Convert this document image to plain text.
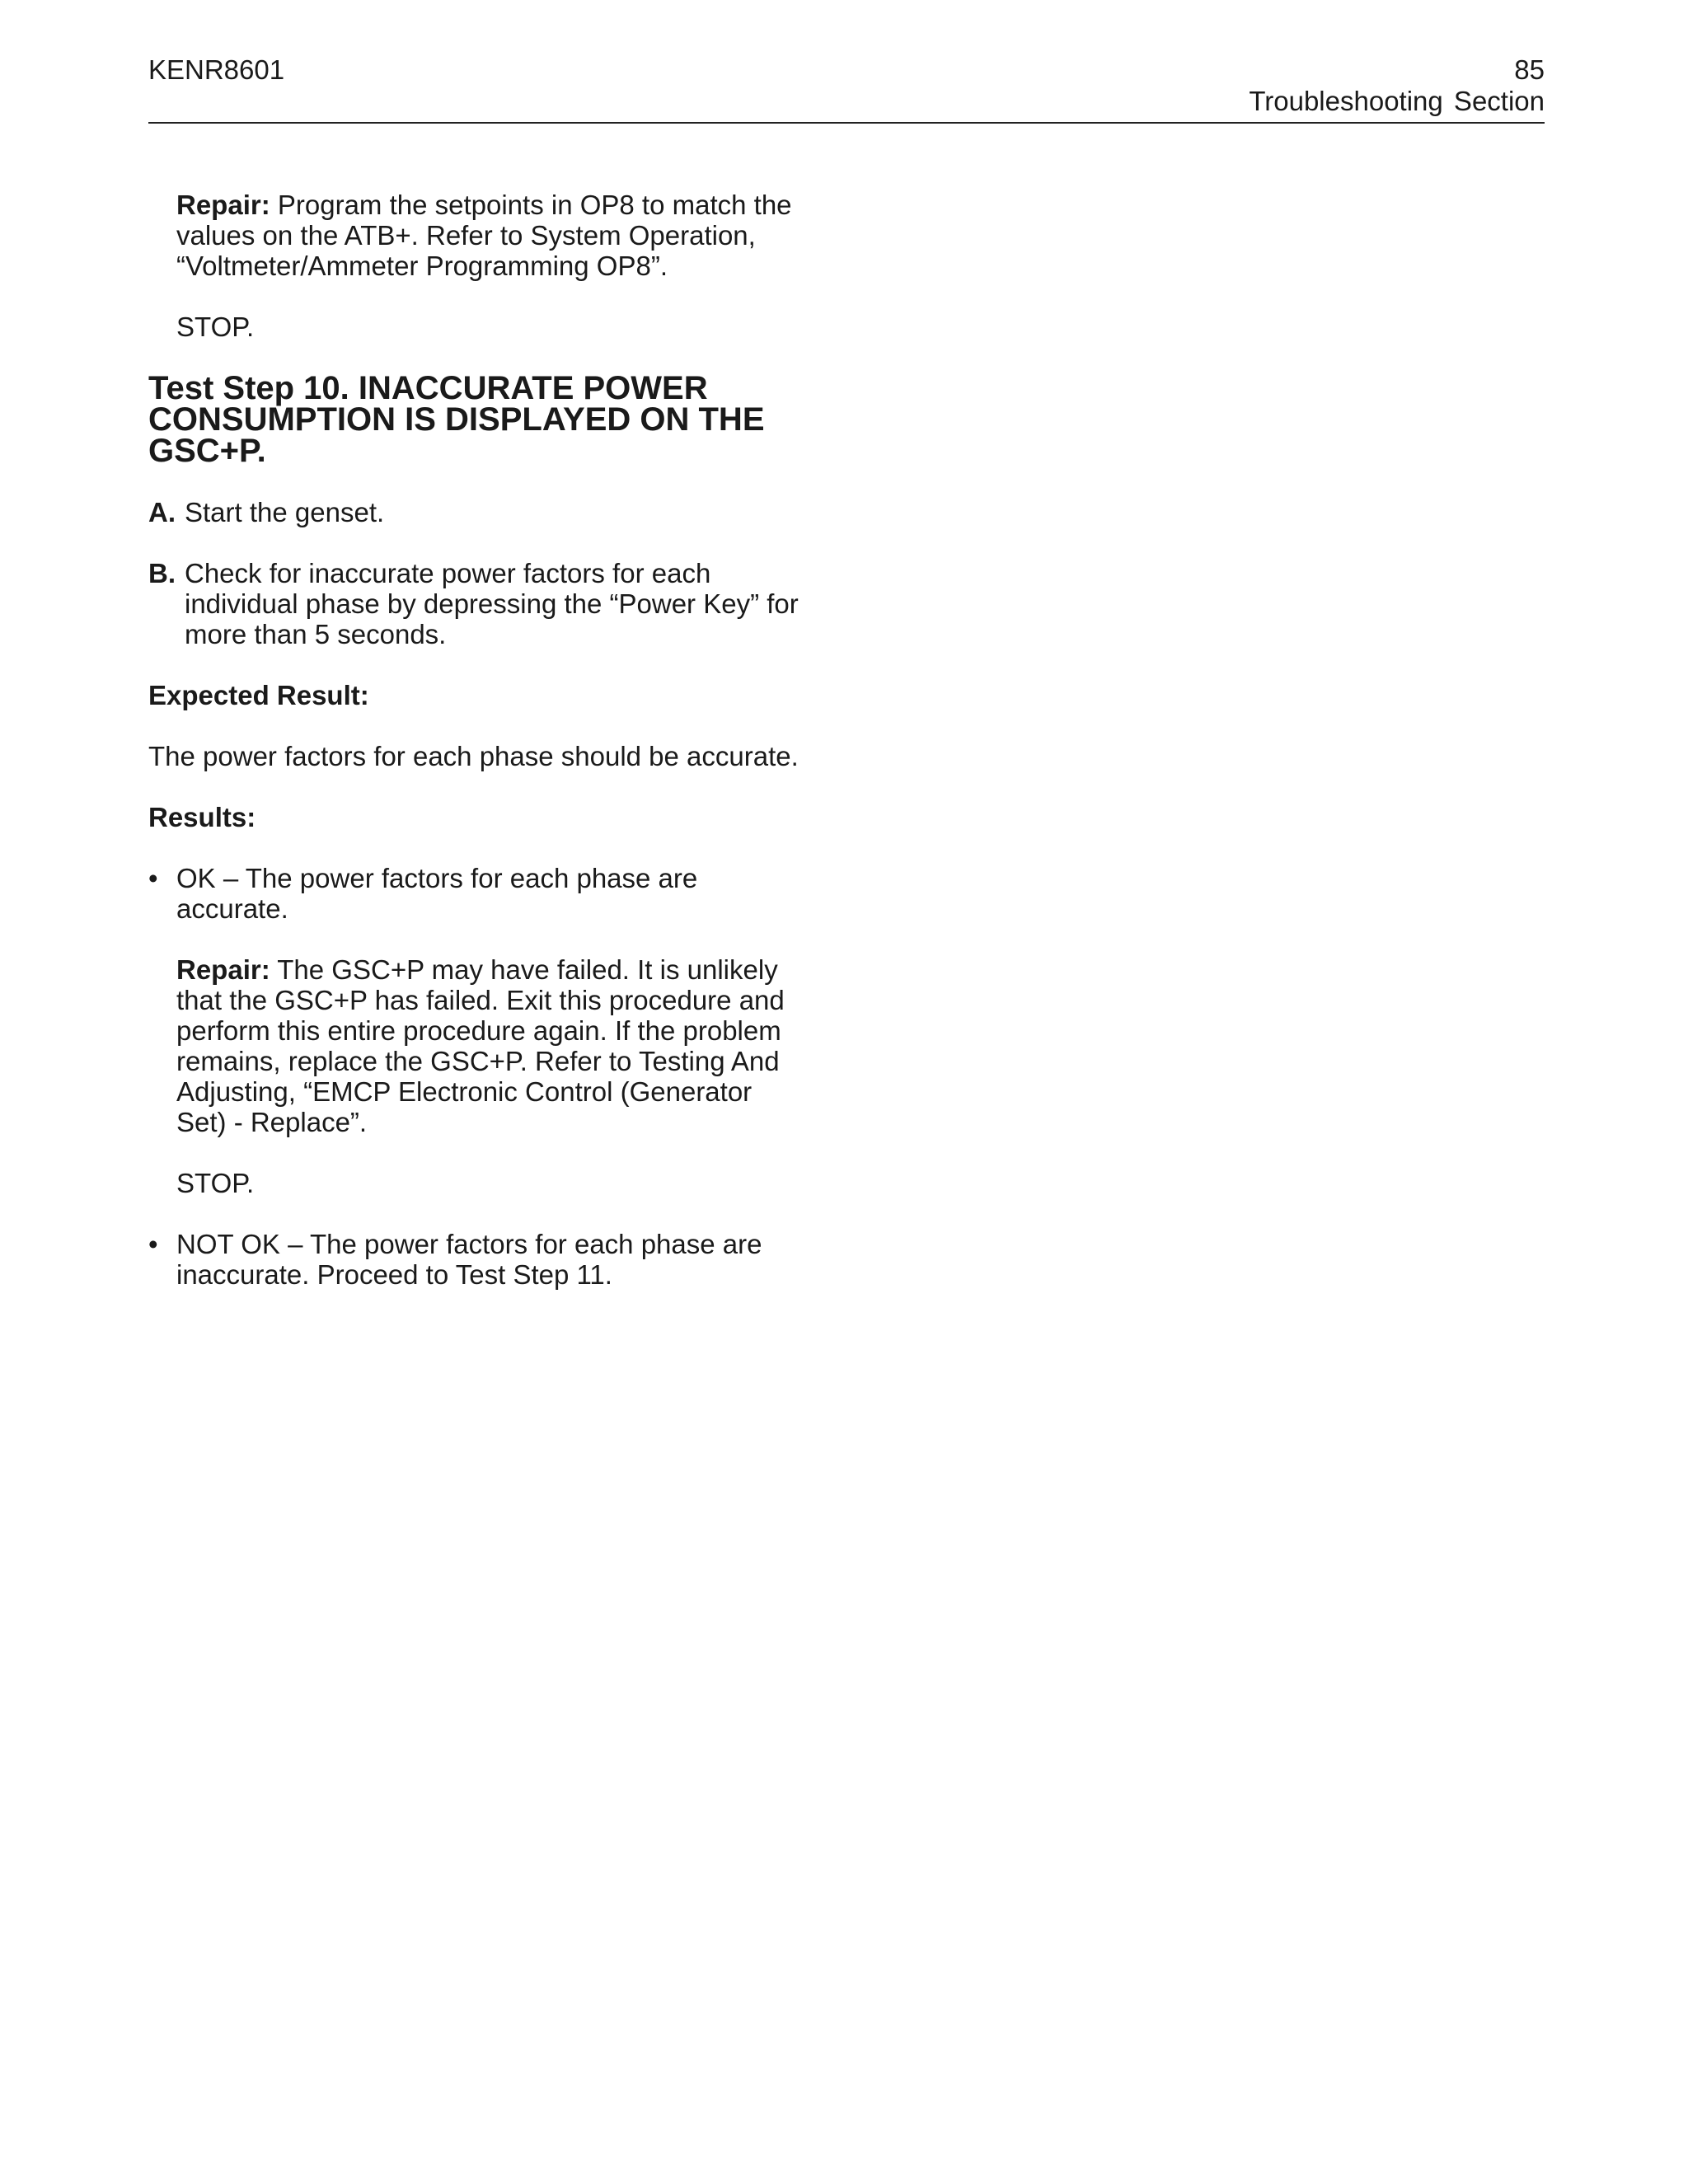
KENR8601	85
Troubleshooting Section

Repair: Program the setpoints in OP8 to match the values on the ATB+. Refer to System Operation, “Voltmeter/Ammeter Programming OP8”.

STOP.

Test Step 10. INACCURATE POWER CONSUMPTION IS DISPLAYED ON THE GSC+P.
A. Start the genset.
B. Check for inaccurate power factors for each individual phase by depressing the “Power Key” for more than 5 seconds.

Expected Result:

The power factors for each phase should be accurate.

Results:

• OK – The power factors for each phase are accurate.

Repair: The GSC+P may have failed. It is unlikely that the GSC+P has failed. Exit this procedure and perform this entire procedure again. If the problem remains, replace the GSC+P. Refer to Testing And Adjusting, “EMCP Electronic Control (Generator Set) - Replace”.

STOP.

• NOT OK – The power factors for each phase are inaccurate. Proceed to Test Step 11.
